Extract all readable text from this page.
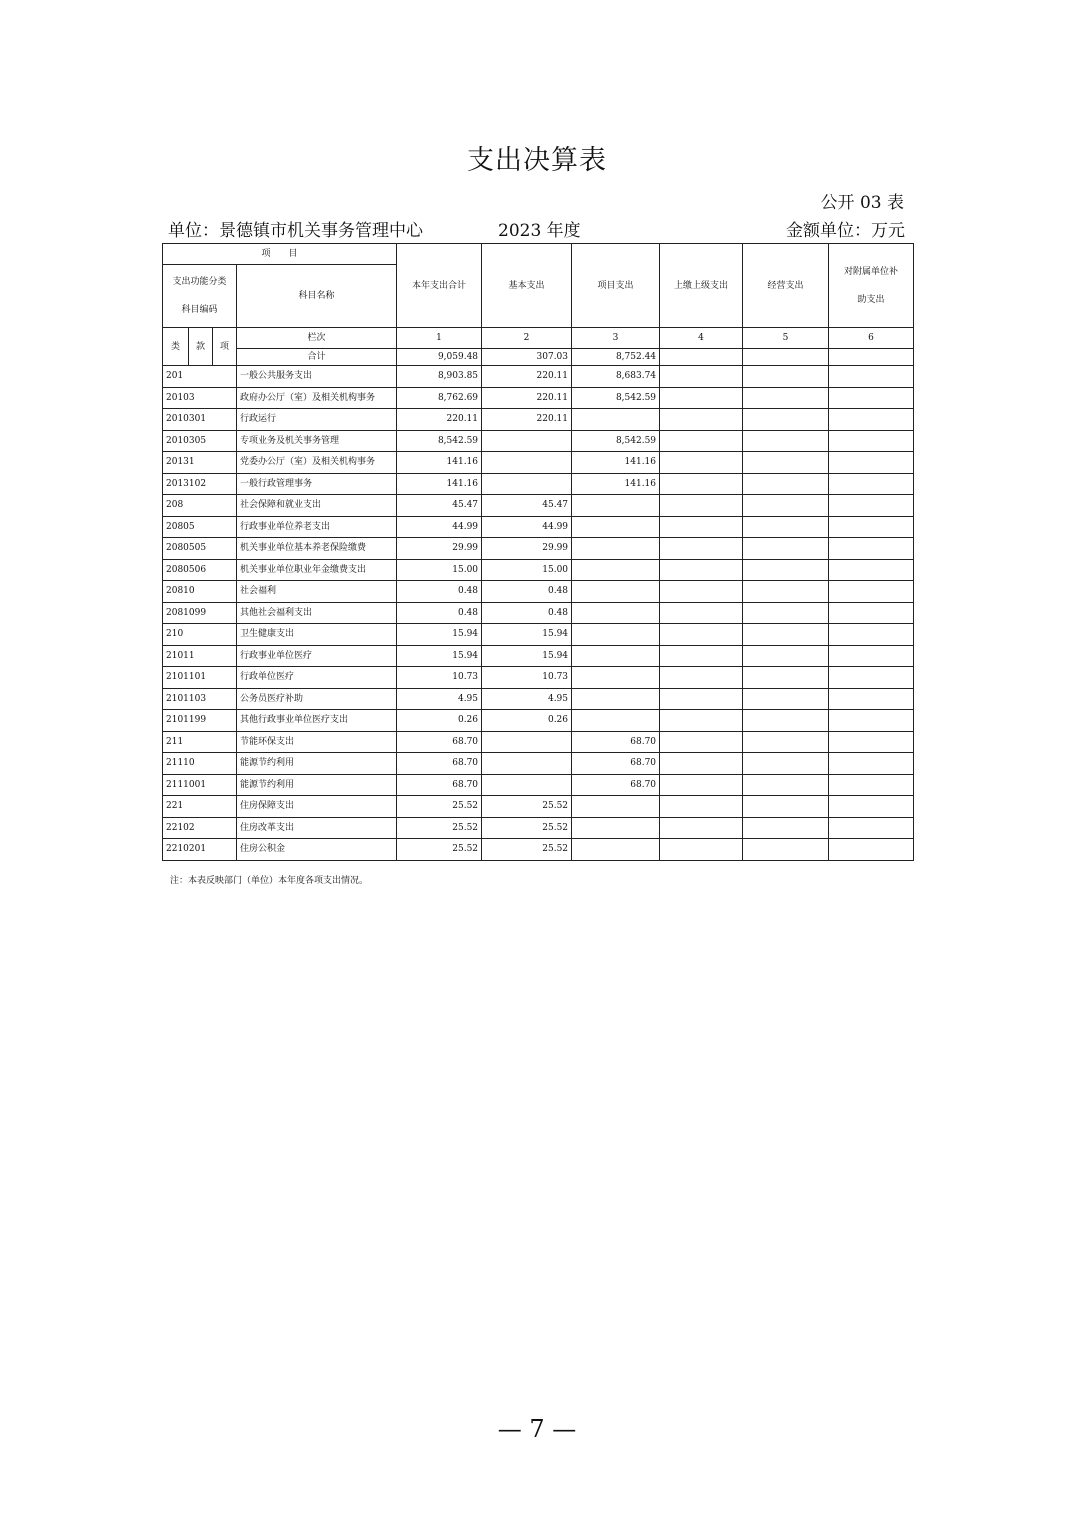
支出决算表
公开 03 表
单位：景德镇市机关事务管理中心	2023 年度	金额单位：万元
项　　目				本年支出合计	基本支出	项目支出	上缴上级支出	经营支出	对附属单位补助支出

支出功能分类科目编码			科目名称						
类	款	项	栏次	1	2	3	4	5	6
			合计	9,059.48	307.03	8,752.44			
201			一般公共服务支出	8,903.85	220.11	8,683.74			
20103			政府办公厅（室）及相关机构事务	8,762.69	220.11	8,542.59			
2010301			行政运行	220.11	220.11				
2010305			专项业务及机关事务管理	8,542.59		8,542.59			
20131			党委办公厅（室）及相关机构事务	141.16		141.16			
2013102			一般行政管理事务	141.16		141.16			
208			社会保障和就业支出	45.47	45.47				
20805			行政事业单位养老支出	44.99	44.99				
2080505			机关事业单位基本养老保险缴费	29.99	29.99				
2080506			机关事业单位职业年金缴费支出	15.00	15.00				
20810			社会福利	0.48	0.48				
2081099			其他社会福利支出	0.48	0.48				
210			卫生健康支出	15.94	15.94				
21011			行政事业单位医疗	15.94	15.94				
2101101			行政单位医疗	10.73	10.73				
2101103			公务员医疗补助	4.95	4.95				
2101199			其他行政事业单位医疗支出	0.26	0.26				
211			节能环保支出	68.70		68.70			
21110			能源节约利用	68.70		68.70			
2111001			能源节约利用	68.70		68.70			
221			住房保障支出	25.52	25.52				
22102			住房改革支出	25.52	25.52				
2210201			住房公积金	25.52	25.52				
注：本表反映部门（单位）本年度各项支出情况。
— 7 —
